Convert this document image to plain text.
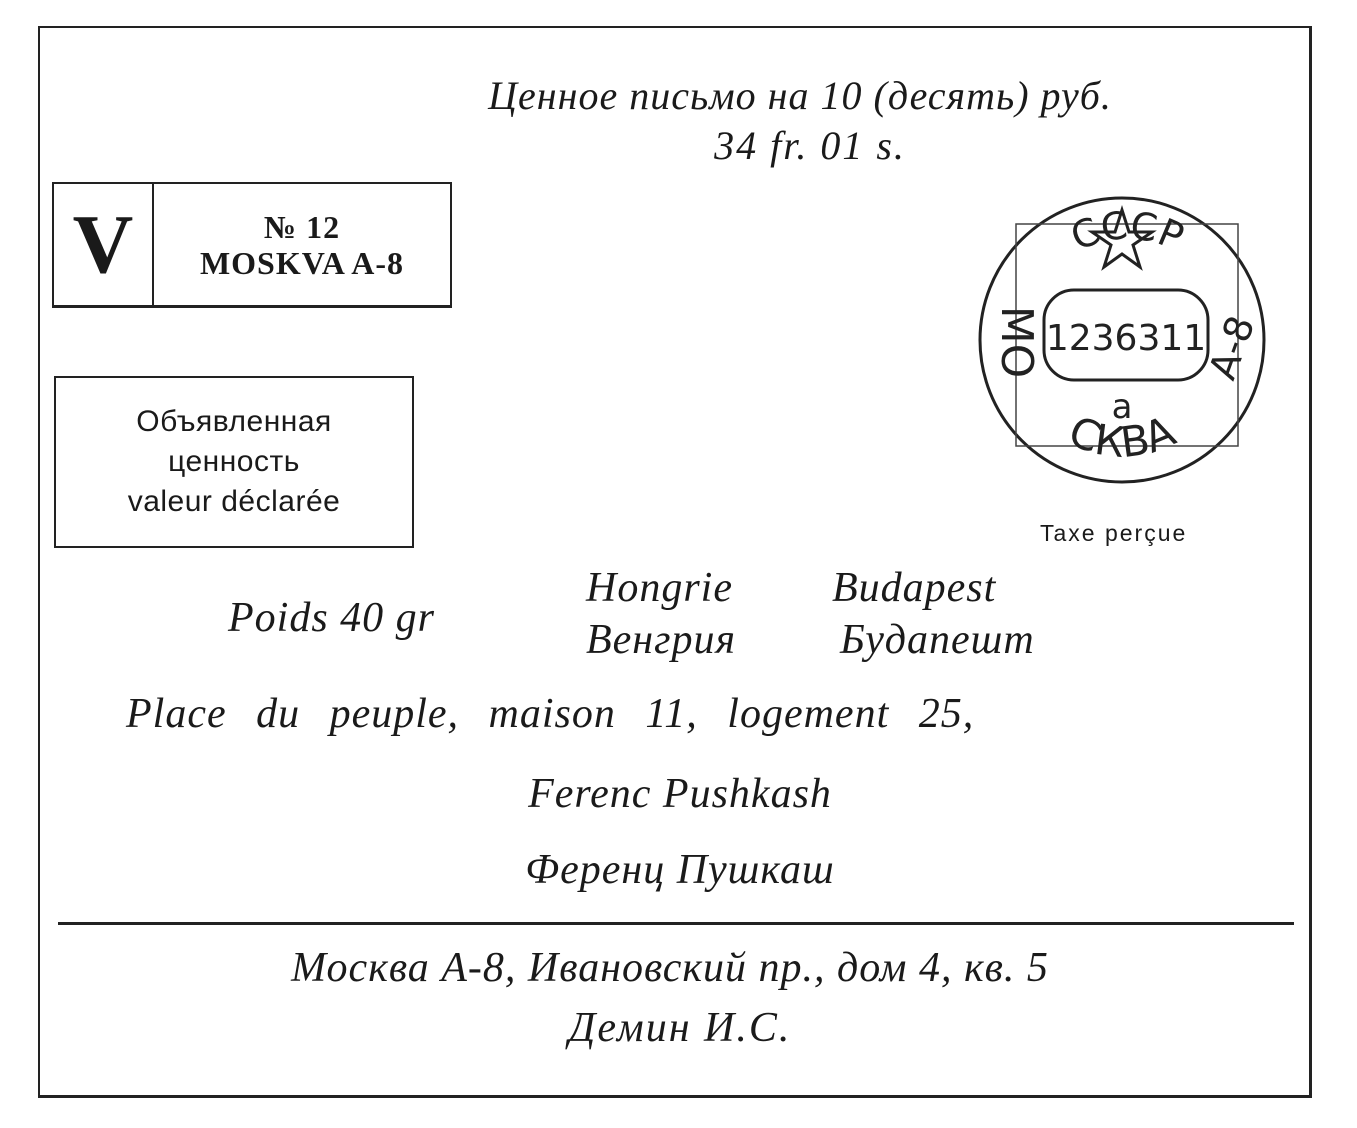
Ценное письмо на 10 (десять) руб.
34 fr. 01 s.
V	№ 12
MOSKVA A-8
Объявленная
ценность
valeur déclarée
СССР
СКВА
МО	А-8
1236311
а
Taxe perçue
Poids 40 gr
Hongrie Budapest
Венгрия Будапешт
Place du peuple, maison 11, logement 25,
Ferenc Pushkash
Ференц Пушкаш
Москва А-8, Ивановский пр., дом 4, кв. 5
Демин И.С.
